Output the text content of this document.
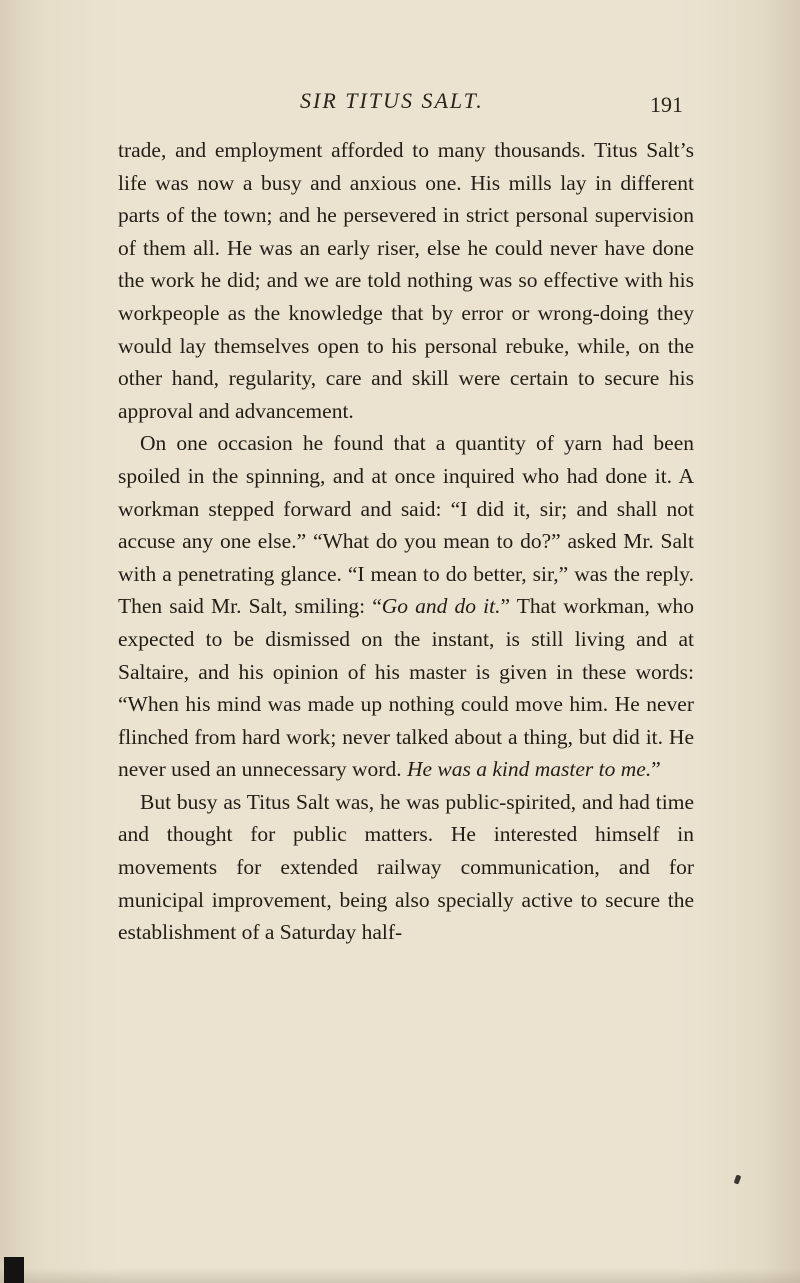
SIR TITUS SALT.	191

trade, and employment afforded to many thousands. Titus Salt’s life was now a busy and anxious one. His mills lay in different parts of the town; and he persevered in strict personal supervision of them all. He was an early riser, else he could never have done the work he did; and we are told nothing was so effective with his workpeople as the knowledge that by error or wrong-doing they would lay themselves open to his personal rebuke, while, on the other hand, regularity, care and skill were certain to secure his approval and advancement.

On one occasion he found that a quantity of yarn had been spoiled in the spinning, and at once inquired who had done it. A workman stepped forward and said: “I did it, sir; and shall not accuse any one else.” “What do you mean to do?” asked Mr. Salt with a penetrating glance. “I mean to do better, sir,” was the reply. Then said Mr. Salt, smiling: “Go and do it.” That workman, who expected to be dismissed on the instant, is still living and at Saltaire, and his opinion of his master is given in these words: “When his mind was made up nothing could move him. He never flinched from hard work; never talked about a thing, but did it. He never used an unnecessary word. He was a kind master to me.”

But busy as Titus Salt was, he was public-spirited, and had time and thought for public matters. He interested himself in movements for extended railway communication, and for municipal improvement, being also specially active to secure the establishment of a Saturday half-
